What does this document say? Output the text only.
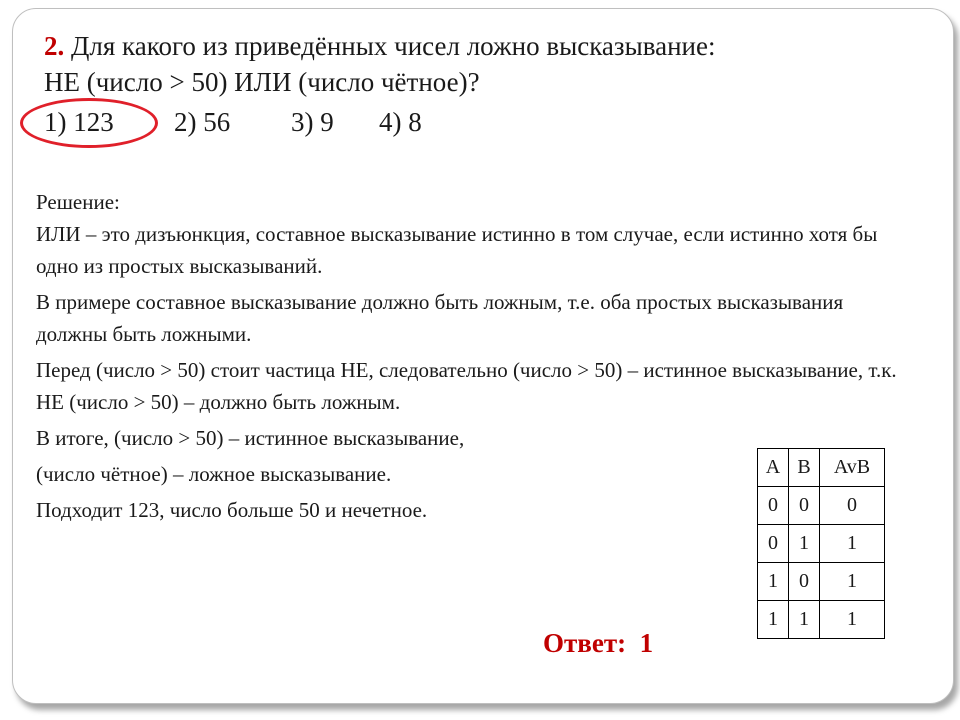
2. Для какого из приведённых чисел ложно высказывание:
НЕ (число > 50) ИЛИ (число чётное)?
1) 123 2) 56 3) 9 4) 8

Решение:

ИЛИ – это дизъюнкция, составное высказывание истинно в том случае, если истинно хотя бы одно из простых высказываний.

В примере составное высказывание должно быть ложным, т.е. оба простых высказывания должны быть ложными.

Перед (число > 50) стоит частица НЕ, следовательно (число > 50) – истинное высказывание, т.к. НЕ (число > 50) – должно быть ложным.

В итоге, (число > 50) – истинное высказывание,

(число чётное) – ложное высказывание.

Подходит 123, число больше 50 и нечетное.

A	B	AvB
0	0	0
0	1	1
1	0	1
1	1	1
Ответ: 1
